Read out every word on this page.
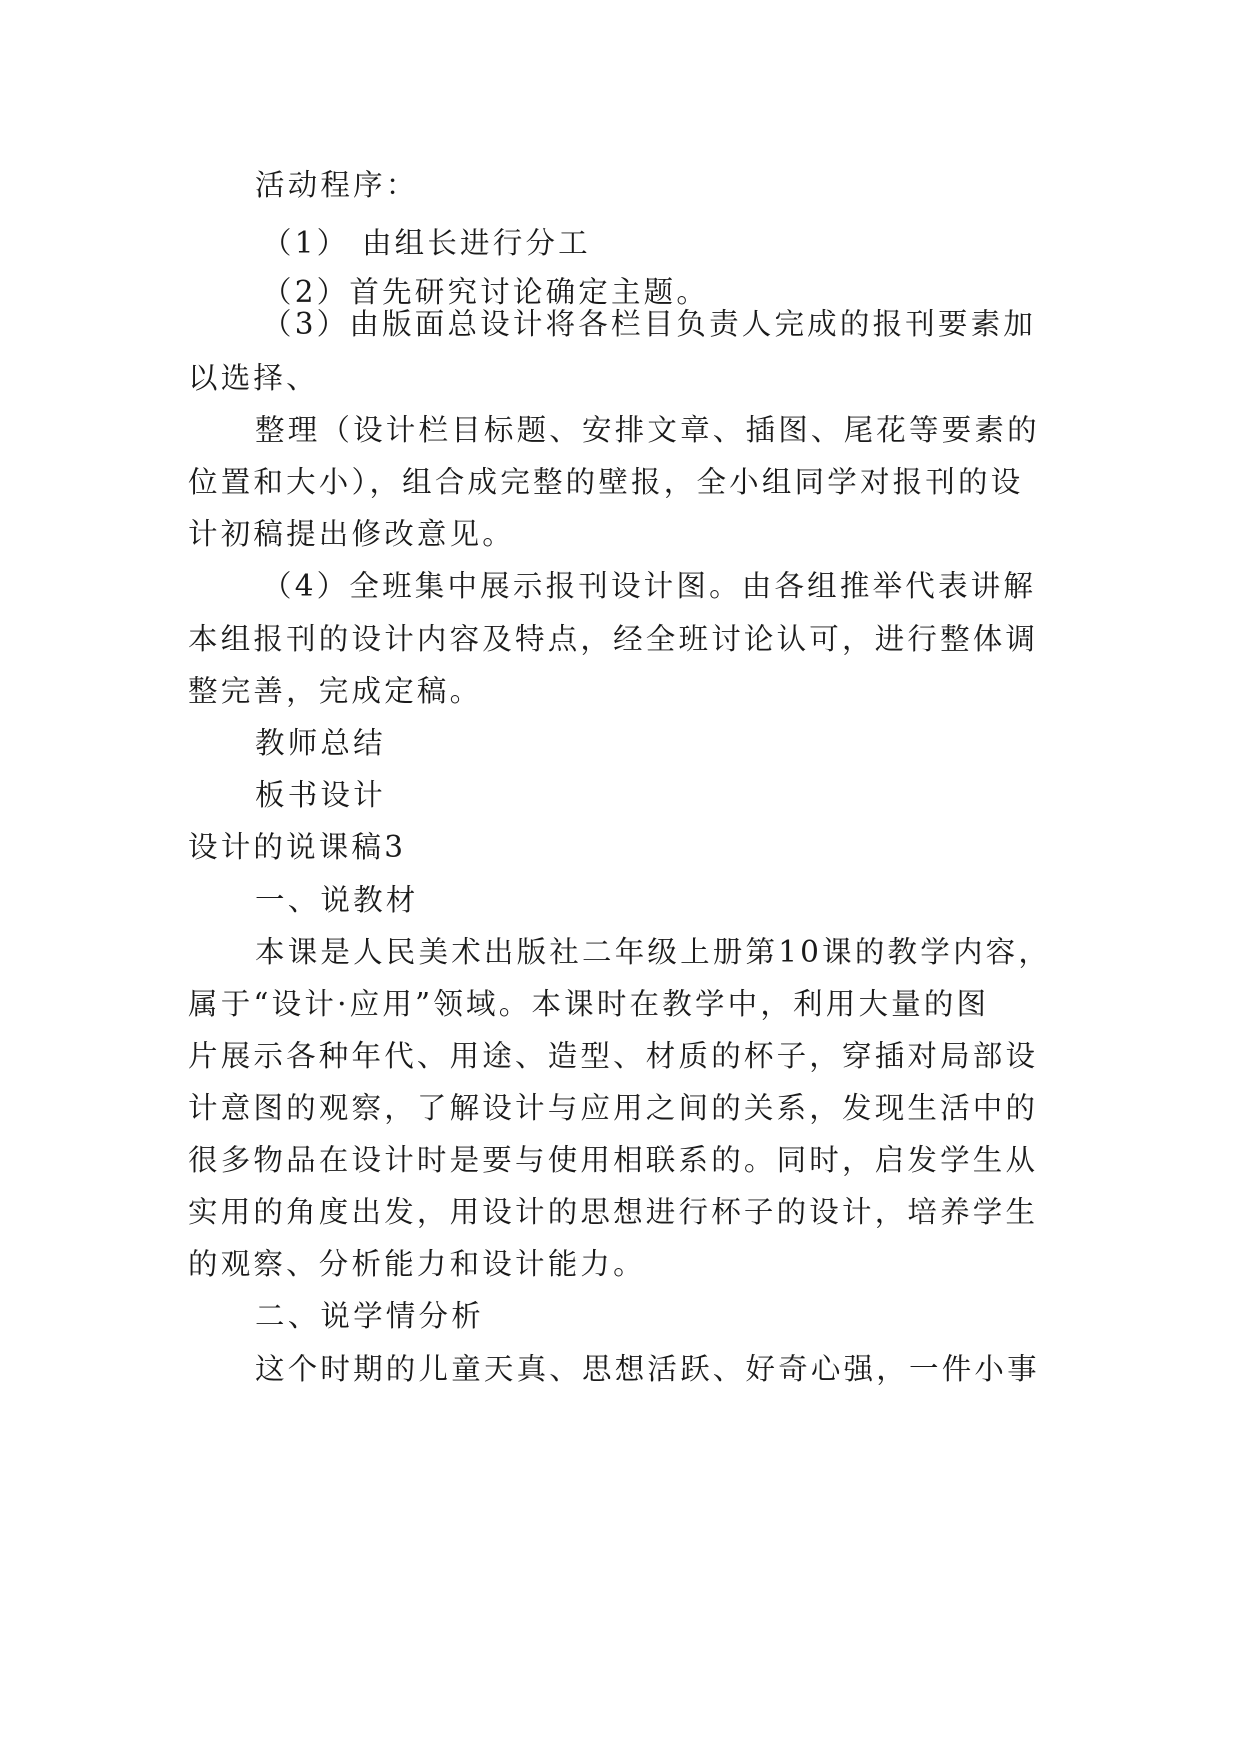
活动程序：
（1） 由组长进行分工
（2）首先研究讨论确定主题。
（3）由版面总设计将各栏目负责人完成的报刊要素加
以选择、
整理（设计栏目标题、安排文章、插图、尾花等要素的
位置和大小），组合成完整的壁报，全小组同学对报刊的设
计初稿提出修改意见。
（4）全班集中展示报刊设计图。由各组推举代表讲解
本组报刊的设计内容及特点，经全班讨论认可，进行整体调
整完善，完成定稿。
教师总结
板书设计
设计的说课稿3
一、说教材
本课是人民美术出版社二年级上册第10课的教学内容，
属于“设计·应用”领域。本课时在教学中，利用大量的图
片展示各种年代、用途、造型、材质的杯子，穿插对局部设
计意图的观察，了解设计与应用之间的关系，发现生活中的
很多物品在设计时是要与使用相联系的。同时，启发学生从
实用的角度出发，用设计的思想进行杯子的设计，培养学生
的观察、分析能力和设计能力。
二、说学情分析
这个时期的儿童天真、思想活跃、好奇心强，一件小事
